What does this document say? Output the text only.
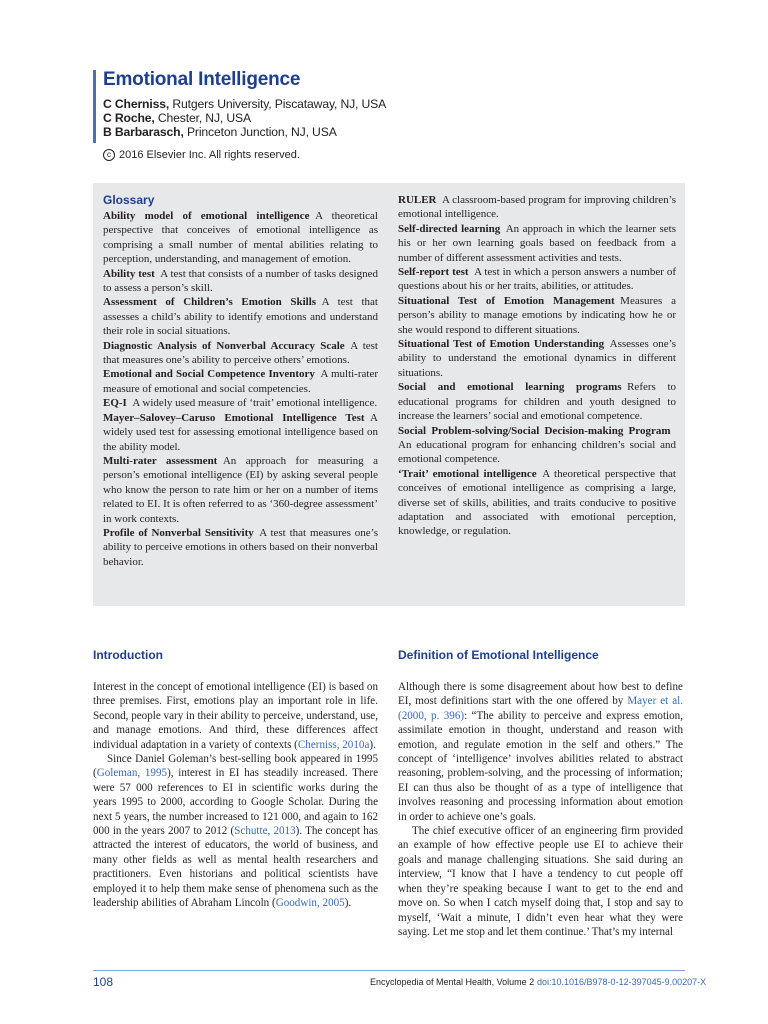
Emotional Intelligence
C Cherniss, Rutgers University, Piscataway, NJ, USA
C Roche, Chester, NJ, USA
B Barbarasch, Princeton Junction, NJ, USA
c 2016 Elsevier Inc. All rights reserved.
Glossary

Ability model of emotional intelligence  A theoretical perspective that conceives of emotional intelligence as comprising a small number of mental abilities relating to perception, understanding, and management of emotion.

Ability test  A test that consists of a number of tasks designed to assess a person’s skill.

Assessment of Children’s Emotion Skills  A test that assesses a child’s ability to identify emotions and understand their role in social situations.

Diagnostic Analysis of Nonverbal Accuracy Scale  A test that measures one’s ability to perceive others’ emotions.

Emotional and Social Competence Inventory  A multi-rater measure of emotional and social competencies.

EQ-I  A widely used measure of ‘trait’ emotional intelligence.

Mayer–Salovey–Caruso Emotional Intelligence Test  A widely used test for assessing emotional intelligence based on the ability model.

Multi-rater assessment  An approach for measuring a person’s emotional intelligence (EI) by asking several people who know the person to rate him or her on a number of items related to EI. It is often referred to as ‘360-degree assessment’ in work contexts.

Profile of Nonverbal Sensitivity  A test that measures one’s ability to perceive emotions in others based on their nonverbal behavior.

RULER  A classroom-based program for improving children’s emotional intelligence.

Self-directed learning  An approach in which the learner sets his or her own learning goals based on feedback from a number of different assessment activities and tests.

Self-report test  A test in which a person answers a number of questions about his or her traits, abilities, or attitudes.

Situational Test of Emotion Management  Measures a person’s ability to manage emotions by indicating how he or she would respond to different situations.

Situational Test of Emotion Understanding  Assesses one’s ability to understand the emotional dynamics in different situations.

Social and emotional learning programs  Refers to educational programs for children and youth designed to increase the learners’ social and emotional competence.

Social Problem-solving/Social Decision-making Program An educational program for enhancing children’s social and emotional competence.

‘Trait’ emotional intelligence  A theoretical perspective that conceives of emotional intelligence as comprising a large, diverse set of skills, abilities, and traits conducive to positive adaptation and associated with emotional perception, knowledge, or regulation.

Introduction	Definition of Emotional Intelligence

Interest in the concept of emotional intelligence (EI) is based on three premises. First, emotions play an important role in life. Second, people vary in their ability to perceive, understand, use, and manage emotions. And third, these differences affect individual adaptation in a variety of contexts (Cherniss, 2010a).

Since Daniel Goleman’s best-selling book appeared in 1995 (Goleman, 1995), interest in EI has steadily increased. There were 57 000 references to EI in scientific works during the years 1995 to 2000, according to Google Scholar. During the next 5 years, the number increased to 121 000, and again to 162 000 in the years 2007 to 2012 (Schutte, 2013). The concept has attracted the interest of educators, the world of business, and many other fields as well as mental health researchers and practitioners. Even historians and political scientists have employed it to help them make sense of phenomena such as the leadership abilities of Abraham Lincoln (Goodwin, 2005).

Although there is some disagreement about how best to define EI, most definitions start with the one offered by Mayer et al. (2000, p. 396): “The ability to perceive and express emotion, assimilate emotion in thought, understand and reason with emotion, and regulate emotion in the self and others.” The concept of ‘intelligence’ involves abilities related to abstract reasoning, problem-solving, and the processing of information; EI can thus also be thought of as a type of intelligence that involves reasoning and processing information about emotion in order to achieve one’s goals.

The chief executive officer of an engineering firm provided an example of how effective people use EI to achieve their goals and manage challenging situations. She said during an interview, “I know that I have a tendency to cut people off when they’re speaking because I want to get to the end and move on. So when I catch myself doing that, I stop and say to myself, ‘Wait a minute, I didn’t even hear what they were saying. Let me stop and let them continue.’ That’s my internal

108	Encyclopedia of Mental Health, Volume 2 doi:10.1016/B978-0-12-397045-9.00207-X
